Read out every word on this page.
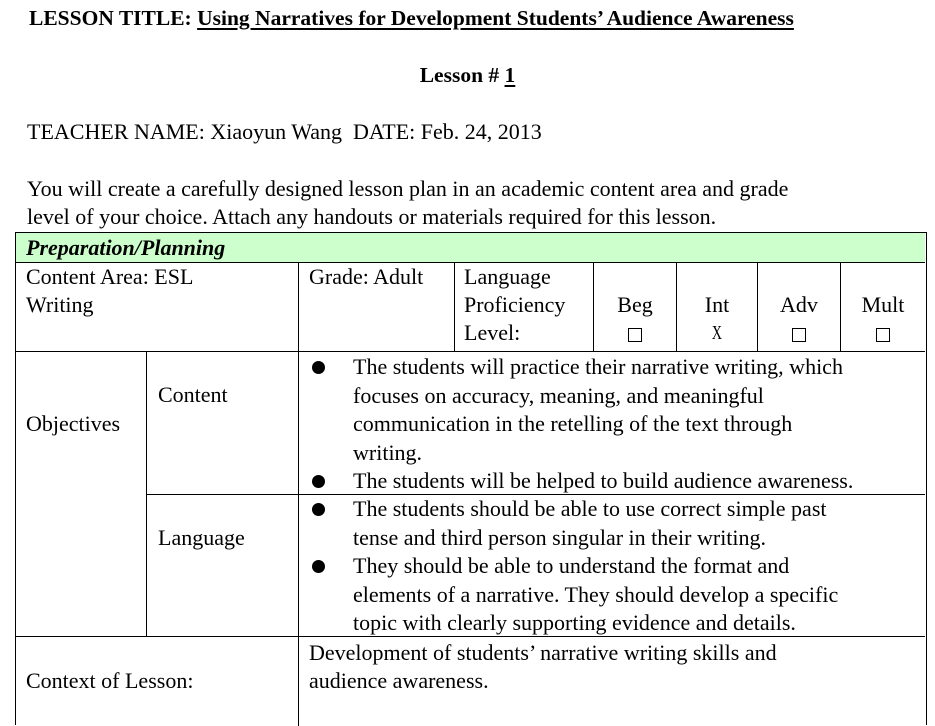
LESSON TITLE: Using Narratives for Development Students’ Audience Awareness
Lesson # 1
TEACHER NAME: Xiaoyun Wang  DATE: Feb. 24, 2013
You will create a carefully designed lesson plan in an academic content area and grade
level of your choice. Attach any handouts or materials required for this lesson.
Preparation/Planning
Content Area: ESL
Writing
Grade: Adult Language
Proficiency
Level:
Beg	Int
X
Adv	Mult
Objectives
Content
The students will practice their narrative writing, which
focuses on accuracy, meaning, and meaningful
communication in the retelling of the text through
writing.
The students will be helped to build audience awareness.
Language
The students should be able to use correct simple past
tense and third person singular in their writing.
They should be able to understand the format and
elements of a narrative. They should develop a specific
topic with clearly supporting evidence and details.
Context of Lesson:
Development of students’ narrative writing skills and
audience awareness.
